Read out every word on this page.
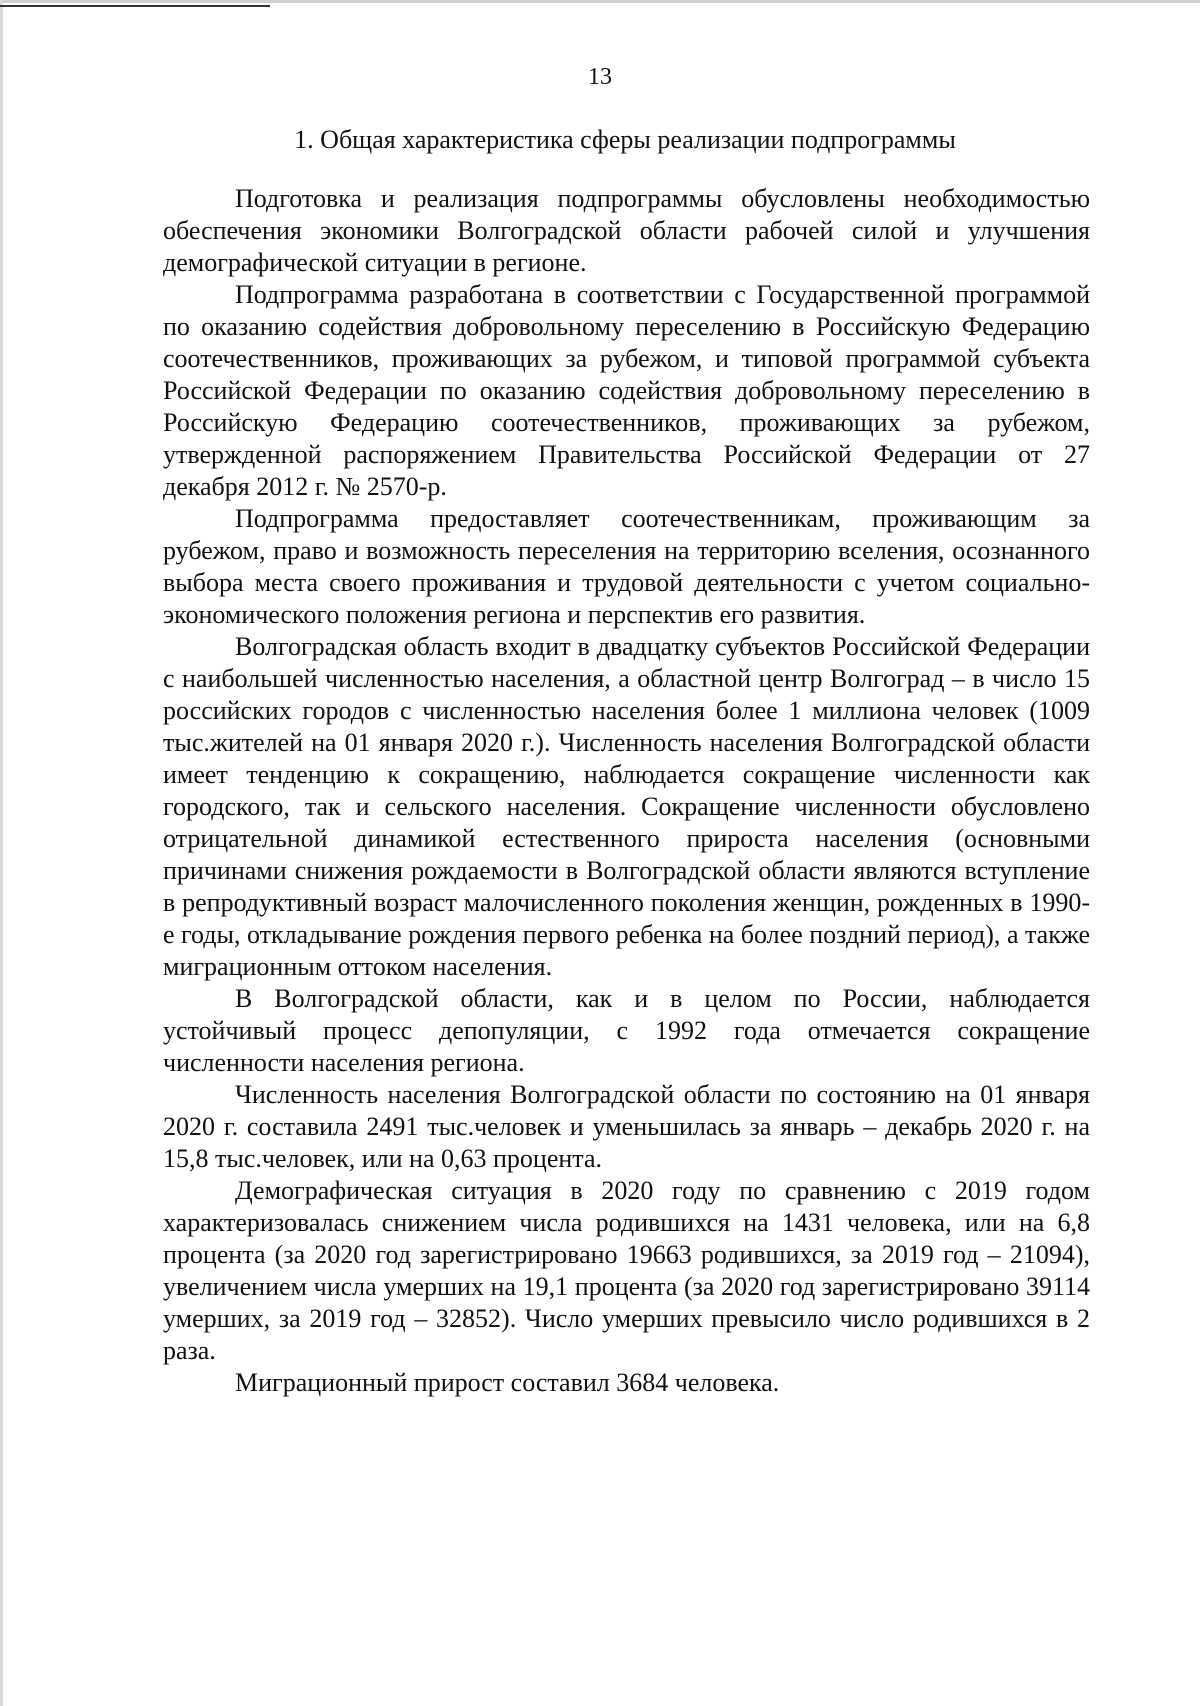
13
1. Общая характеристика сферы реализации подпрограммы

Подготовка и реализация подпрограммы обусловлены необходимостью обеспечения экономики Волгоградской области рабочей силой и улучшения демографической ситуации в регионе.

Подпрограмма разработана в соответствии с Государственной программой по оказанию содействия добровольному переселению в Российскую Федерацию соотечественников, проживающих за рубежом, и типовой программой субъекта Российской Федерации по оказанию содействия добровольному переселению в Российскую Федерацию соотечественников, проживающих за рубежом, утвержденной распоряжением Правительства Российской Федерации от 27 декабря 2012 г. № 2570-р.

Подпрограмма предоставляет соотечественникам, проживающим за рубежом, право и возможность переселения на территорию вселения, осознанного выбора места своего проживания и трудовой деятельности с учетом социально-экономического положения региона и перспектив его развития.

Волгоградская область входит в двадцатку субъектов Российской Федерации с наибольшей численностью населения, а областной центр Волгоград – в число 15 российских городов с численностью населения более 1 миллиона человек (1009 тыс.жителей на 01 января 2020 г.). Численность населения Волгоградской области имеет тенденцию к сокращению, наблюдается сокращение численности как городского, так и сельского населения. Сокращение численности обусловлено отрицательной динамикой естественного прироста населения (основными причинами снижения рождаемости в Волгоградской области являются вступление в репродуктивный возраст малочисленного поколения женщин, рожденных в 1990-е годы, откладывание рождения первого ребенка на более поздний период), а также миграционным оттоком населения.

В Волгоградской области, как и в целом по России, наблюдается устойчивый процесс депопуляции, с 1992 года отмечается сокращение численности населения региона.

Численность населения Волгоградской области по состоянию на 01 января 2020 г. составила 2491 тыс.человек и уменьшилась за январь – декабрь 2020 г. на 15,8 тыс.человек, или на 0,63 процента.

Демографическая ситуация в 2020 году по сравнению с 2019 годом характеризовалась снижением числа родившихся на 1431 человека, или на 6,8 процента (за 2020 год зарегистрировано 19663 родившихся, за 2019 год – 21094), увеличением числа умерших на 19,1 процента (за 2020 год зарегистрировано 39114 умерших, за 2019 год – 32852). Число умерших превысило число родившихся в 2 раза.

Миграционный прирост составил 3684 человека.
